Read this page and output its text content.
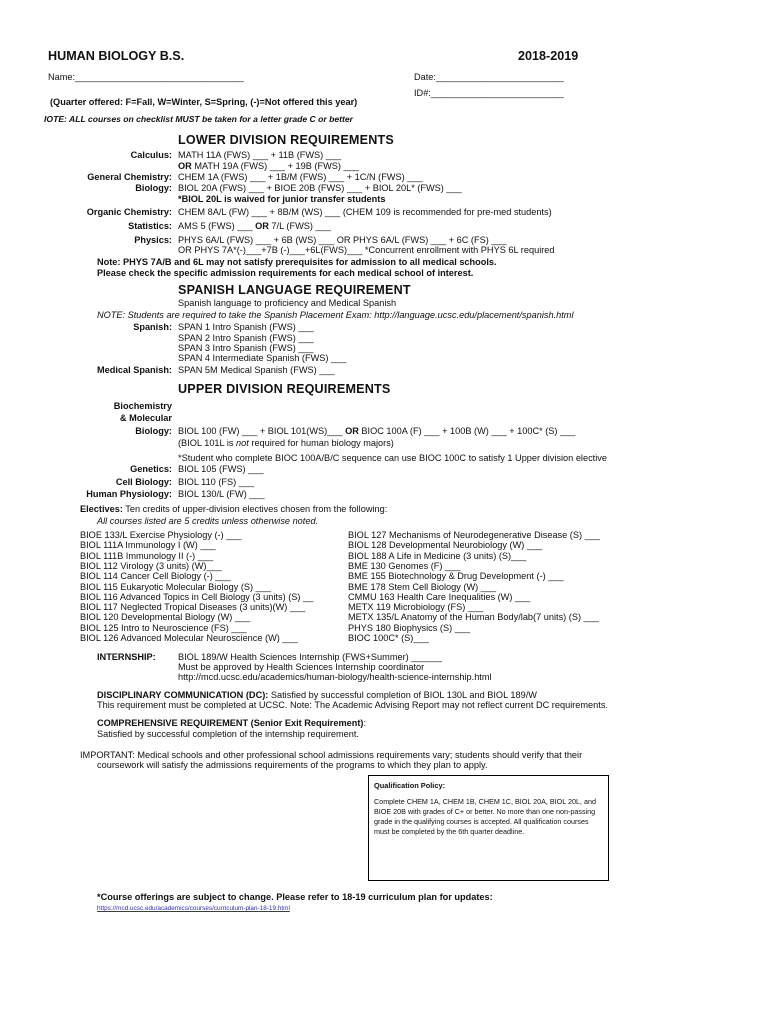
HUMAN BIOLOGY B.S.	2018-2019
Name:_________________________________	Date:_________________________
ID#:__________________________
(Quarter offered: F=Fall, W=Winter, S=Spring, (-)=Not offered this year)
IOTE: ALL courses on checklist MUST be taken for a letter grade C or better
LOWER DIVISION REQUIREMENTS
Calculus: MATH 11A (FWS) ___ + 11B (FWS) ___
OR MATH 19A (FWS) ___ + 19B (FWS) ___
General Chemistry: CHEM 1A (FWS) ___ + 1B/M (FWS) ___ + 1C/N (FWS) ___
Biology: BIOL 20A (FWS) ___ + BIOE 20B (FWS) ___ + BIOL 20L* (FWS) ___
*BIOL 20L is waived for junior transfer students
Organic Chemistry: CHEM 8A/L (FW) ___ + 8B/M (WS) ___ (CHEM 109 is recommended for pre-med students)
Statistics: AMS 5 (FWS) ___ OR 7/L (FWS) ___
Physics: PHYS 6A/L (FWS) ___ + 6B (WS) ___ OR PHYS 6A/L (FWS) ___ + 6C (FS) ___
OR PHYS 7A*(-)___+7B (-)___+6L(FWS)___ *Concurrent enrollment with PHYS 6L required
Note: PHYS 7A/B and 6L may not satisfy prerequisites for admission to all medical schools.
Please check the specific admission requirements for each medical school of interest.
SPANISH LANGUAGE REQUIREMENT
Spanish language to proficiency and Medical Spanish
NOTE: Students are required to take the Spanish Placement Exam: http://language.ucsc.edu/placement/spanish.html
Spanish: SPAN 1 Intro Spanish (FWS) ___
SPAN 2 Intro Spanish (FWS) ___
SPAN 3 Intro Spanish (FWS) ___
SPAN 4 Intermediate Spanish (FWS) ___
Medical Spanish: SPAN 5M Medical Spanish (FWS) ___
UPPER DIVISION REQUIREMENTS
Biochemistry
& Molecular
Biology: BIOL 100 (FW) ___ + BIOL 101(WS)___ OR BIOC 100A (F) ___ + 100B (W) ___ + 100C* (S) ___
(BIOL 101L is not required for human biology majors)
*Student who complete BIOC 100A/B/C sequence can use BIOC 100C to satisfy 1 Upper division elective
Genetics: BIOL 105 (FWS) ___
Cell Biology: BIOL 110 (FS) ___
Human Physiology: BIOL 130/L (FW) ___
Electives: Ten credits of upper-division electives chosen from the following:
All courses listed are 5 credits unless otherwise noted.
BIOE 133/L Exercise Physiology (-) ___
BIOL 111A Immunology I (W) ___
BIOL 111B Immunology II (-) ___
BIOL 112 Virology (3 units) (W)___
BIOL 114 Cancer Cell Biology (-) ___
BIOL 115 Eukaryotic Molecular Biology (S) ___
BIOL 116 Advanced Topics in Cell Biology (3 units) (S) __
BIOL 117 Neglected Tropical Diseases (3 units)(W) ___
BIOL 120 Developmental Biology (W) ___
BIOL 125 Intro to Neuroscience (FS) ___
BIOL 126 Advanced Molecular Neuroscience (W) ___
BIOL 127 Mechanisms of Neurodegenerative Disease (S) ___
BIOL 128 Developmental Neurobiology (W) ___
BIOL 188 A Life in Medicine (3 units) (S)___
BME 130 Genomes (F) ___
BME 155 Biotechnology & Drug Development (-) ___
BME 178 Stem Cell Biology (W) ___
CMMU 163 Health Care Inequalities (W) ___
METX 119 Microbiology (FS) ___
METX 135/L Anatomy of the Human Body/lab(7 units) (S) ___
PHYS 180 Biophysics (S) ___
BIOC 100C* (S)___
INTERNSHIP: BIOL 189/W Health Sciences Internship (FWS+Summer) ______
Must be approved by Health Sciences Internship coordinator
http://mcd.ucsc.edu/academics/human-biology/health-science-internship.html
DISCIPLINARY COMMUNICATION (DC): Satisfied by successful completion of BIOL 130L and BIOL 189/W
This requirement must be completed at UCSC. Note: The Academic Advising Report may not reflect current DC requirements.
COMPREHENSIVE REQUIREMENT (Senior Exit Requirement):
Satisfied by successful completion of the internship requirement.
IMPORTANT: Medical schools and other professional school admissions requirements vary; students should verify that their
coursework will satisfy the admissions requirements of the programs to which they plan to apply.
Qualification Policy:
Complete CHEM 1A, CHEM 1B, CHEM 1C, BIOL 20A, BIOL 20L, and BIOE 20B with grades of C+ or better. No more than one non-passing grade in the qualifying courses is accepted. All qualification courses must be completed by the 6th quarter deadline.
*Course offerings are subject to change. Please refer to 18-19 curriculum plan for updates:
https://mcd.ucsc.edu/academics/courses/curriculum-plan-18-19.html
